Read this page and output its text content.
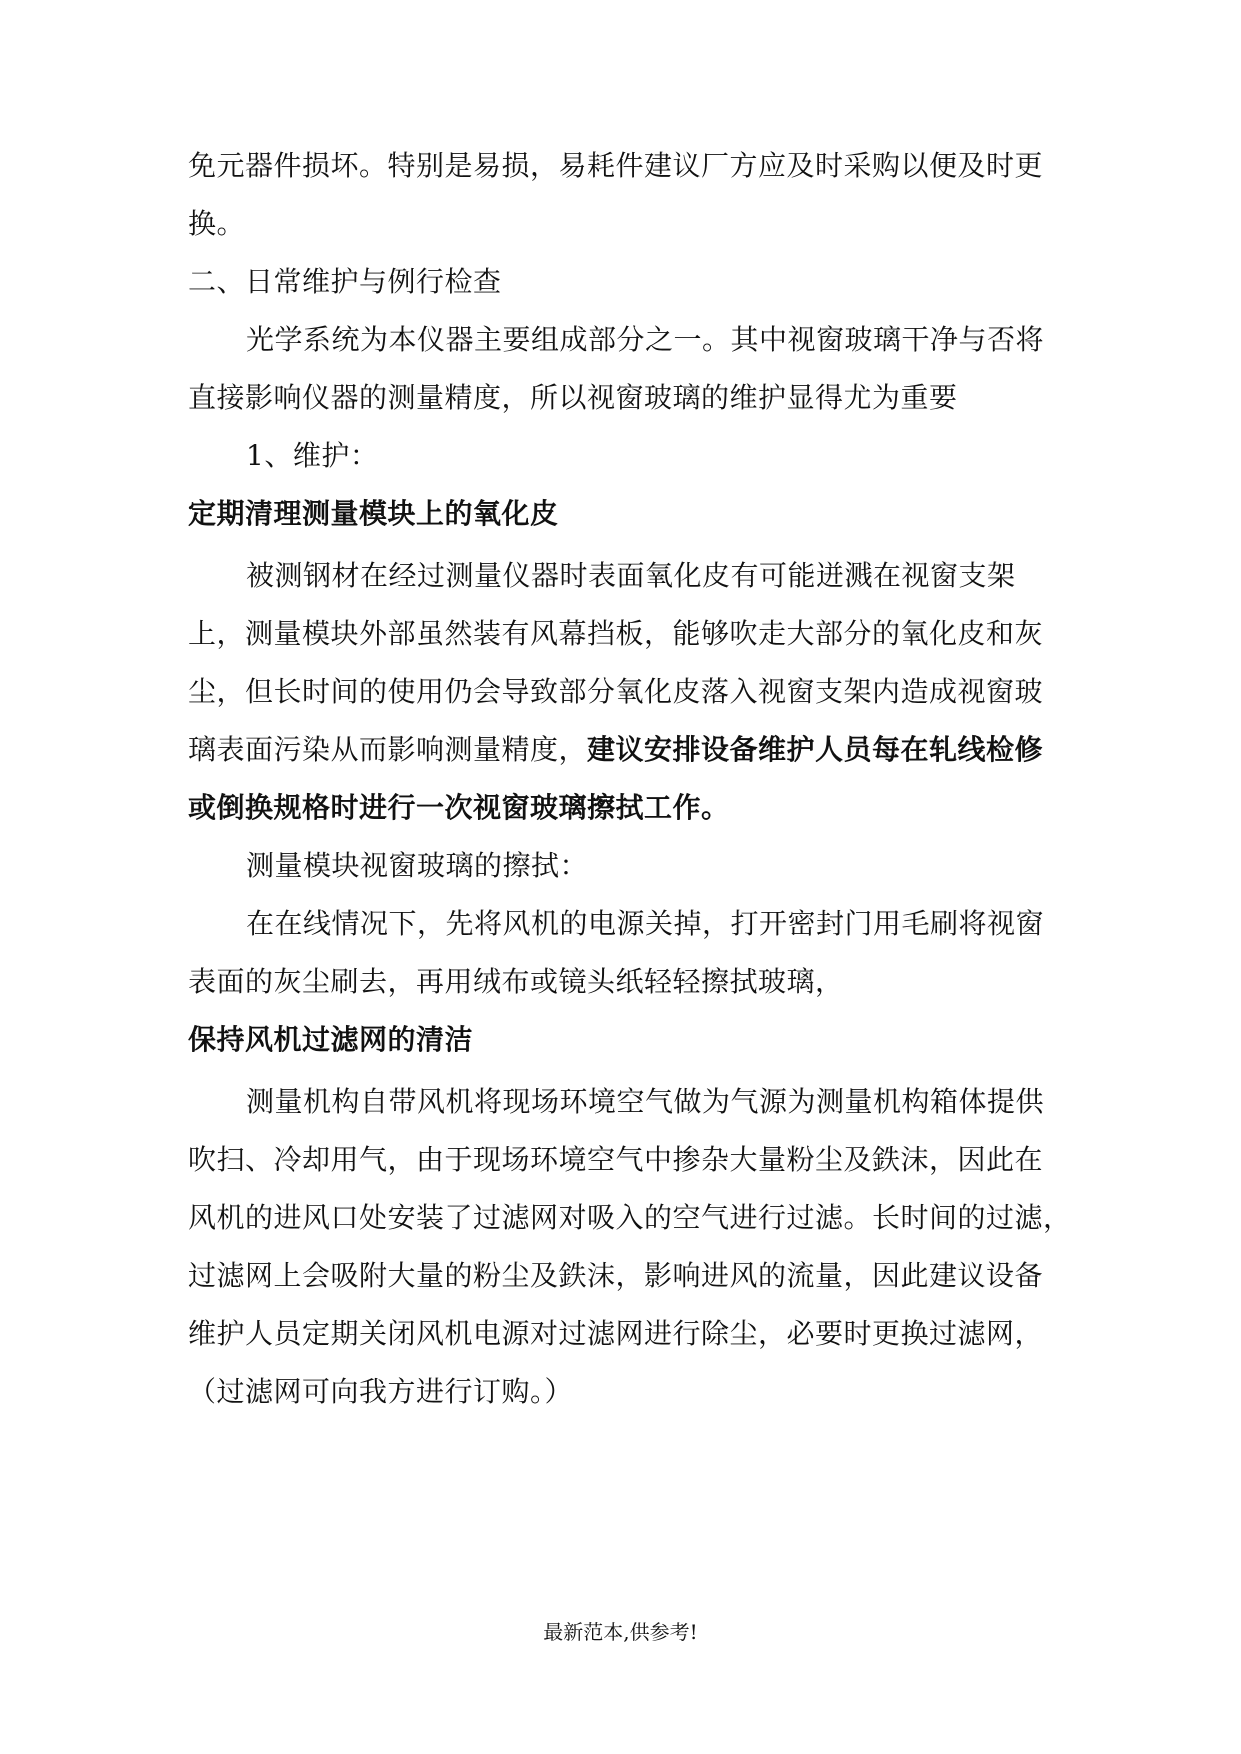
免元器件损坏。特别是易损，易耗件建议厂方应及时采购以便及时更
换。
二、日常维护与例行检查
光学系统为本仪器主要组成部分之一。其中视窗玻璃干净与否将
直接影响仪器的测量精度，所以视窗玻璃的维护显得尤为重要
1、维护：
定期清理测量模块上的氧化皮
被测钢材在经过测量仪器时表面氧化皮有可能迸溅在视窗支架
上，测量模块外部虽然装有风幕挡板，能够吹走大部分的氧化皮和灰
尘，但长时间的使用仍会导致部分氧化皮落入视窗支架内造成视窗玻
璃表面污染从而影响测量精度，建议安排设备维护人员每在轧线检修
或倒换规格时进行一次视窗玻璃擦拭工作。
测量模块视窗玻璃的擦拭：
在在线情况下，先将风机的电源关掉，打开密封门用毛刷将视窗
表面的灰尘刷去，再用绒布或镜头纸轻轻擦拭玻璃，
保持风机过滤网的清洁
测量机构自带风机将现场环境空气做为气源为测量机构箱体提供
吹扫、冷却用气，由于现场环境空气中掺杂大量粉尘及鉄沫，因此在
风机的进风口处安装了过滤网对吸入的空气进行过滤。长时间的过滤，
过滤网上会吸附大量的粉尘及鉄沫，影响进风的流量，因此建议设备
维护人员定期关闭风机电源对过滤网进行除尘，必要时更换过滤网，
（过滤网可向我方进行订购。）
最新范本,供参考!
